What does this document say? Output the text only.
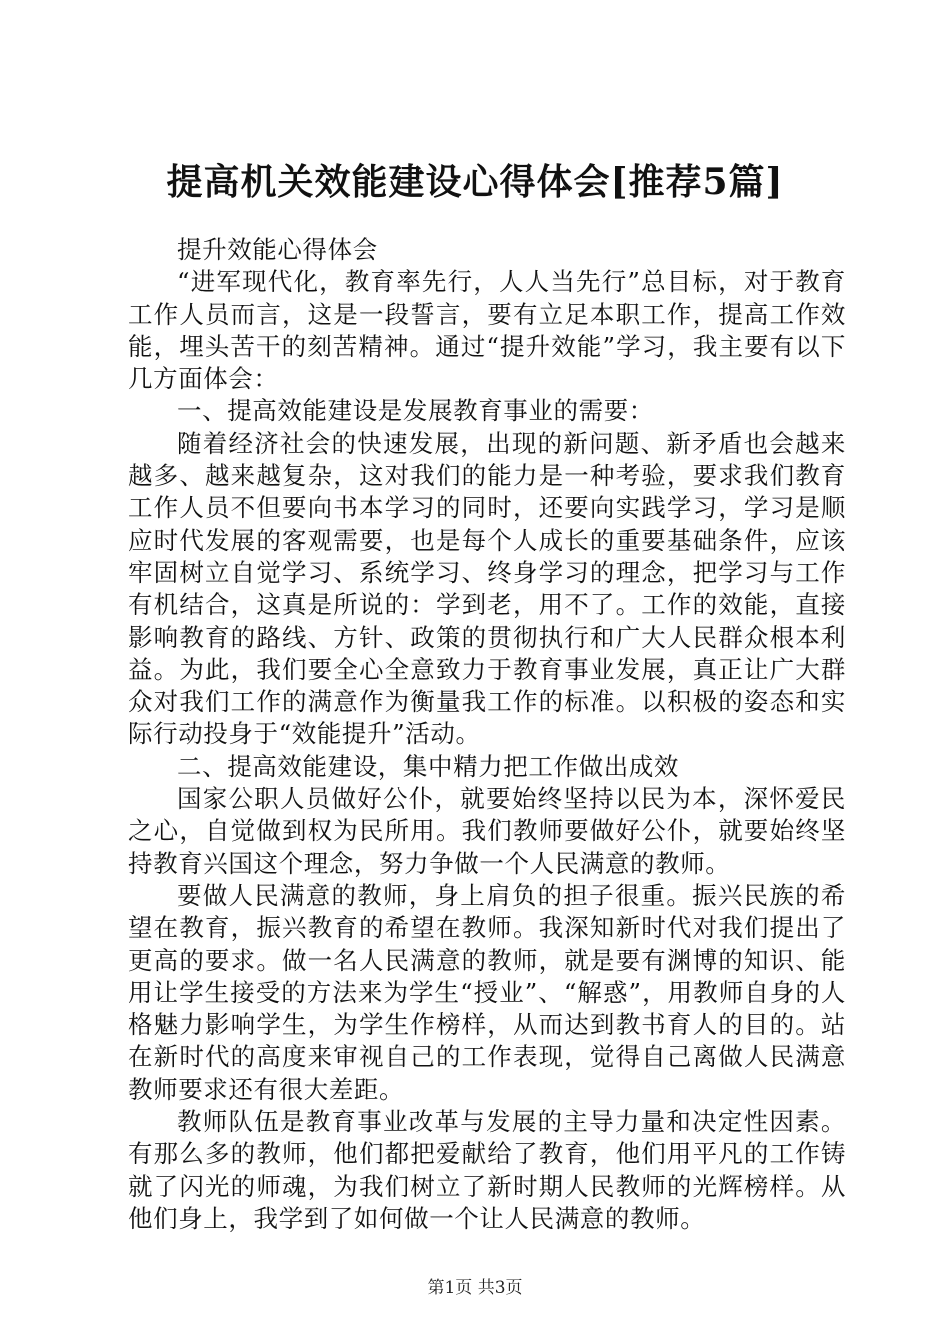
提高机关效能建设心得体会[推荐5篇]

提升效能心得体会

“进军现代化，教育率先行，人人当先行”总目标，对于教育工作人员而言，这是一段誓言，要有立足本职工作，提高工作效能，埋头苦干的刻苦精神。通过“提升效能”学习，我主要有以下几方面体会：

一、提高效能建设是发展教育事业的需要：

随着经济社会的快速发展，出现的新问题、新矛盾也会越来越多、越来越复杂，这对我们的能力是一种考验，要求我们教育工作人员不但要向书本学习的同时，还要向实践学习，学习是顺应时代发展的客观需要，也是每个人成长的重要基础条件，应该牢固树立自觉学习、系统学习、终身学习的理念，把学习与工作有机结合，这真是所说的：学到老，用不了。工作的效能，直接影响教育的路线、方针、政策的贯彻执行和广大人民群众根本利益。为此，我们要全心全意致力于教育事业发展，真正让广大群众对我们工作的满意作为衡量我工作的标准。以积极的姿态和实际行动投身于“效能提升”活动。

二、提高效能建设，集中精力把工作做出成效

国家公职人员做好公仆，就要始终坚持以民为本，深怀爱民之心，自觉做到权为民所用。我们教师要做好公仆，就要始终坚持教育兴国这个理念，努力争做一个人民满意的教师。

要做人民满意的教师，身上肩负的担子很重。振兴民族的希望在教育，振兴教育的希望在教师。我深知新时代对我们提出了更高的要求。做一名人民满意的教师，就是要有渊博的知识、能用让学生接受的方法来为学生“授业”、“解惑”，用教师自身的人格魅力影响学生，为学生作榜样，从而达到教书育人的目的。站在新时代的高度来审视自己的工作表现，觉得自己离做人民满意教师要求还有很大差距。

教师队伍是教育事业改革与发展的主导力量和决定性因素。有那么多的教师，他们都把爱献给了教育，他们用平凡的工作铸就了闪光的师魂，为我们树立了新时期人民教师的光辉榜样。从他们身上，我学到了如何做一个让人民满意的教师。

第1页 共3页
